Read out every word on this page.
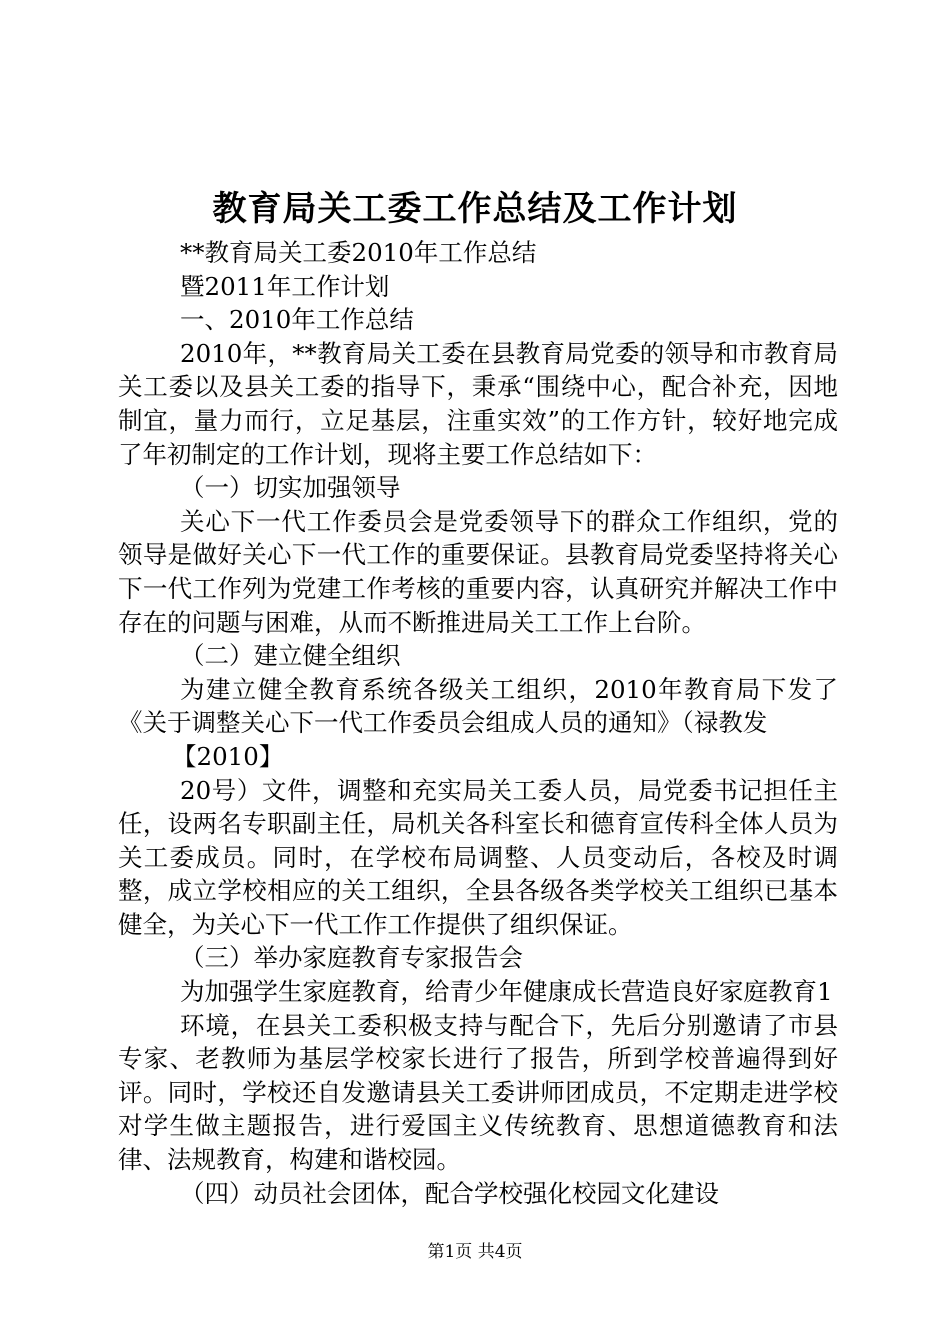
教育局关工委工作总结及工作计划

**教育局关工委2010年工作总结

暨2011年工作计划

一、2010年工作总结

2010年，**教育局关工委在县教育局党委的领导和市教育局关工委以及县关工委的指导下，秉承“围绕中心，配合补充，因地制宜，量力而行，立足基层，注重实效”的工作方针，较好地完成了年初制定的工作计划，现将主要工作总结如下：

（一）切实加强领导

关心下一代工作委员会是党委领导下的群众工作组织，党的领导是做好关心下一代工作的重要保证。县教育局党委坚持将关心下一代工作列为党建工作考核的重要内容，认真研究并解决工作中存在的问题与困难，从而不断推进局关工工作上台阶。

（二）建立健全组织

为建立健全教育系统各级关工组织，2010年教育局下发了《关于调整关心下一代工作委员会组成人员的通知》（禄教发

【2010】

20号）文件，调整和充实局关工委人员，局党委书记担任主任，设两名专职副主任，局机关各科室长和德育宣传科全体人员为关工委成员。同时，在学校布局调整、人员变动后，各校及时调整，成立学校相应的关工组织，全县各级各类学校关工组织已基本健全，为关心下一代工作工作提供了组织保证。

（三）举办家庭教育专家报告会

为加强学生家庭教育，给青少年健康成长营造良好家庭教育1

环境，在县关工委积极支持与配合下，先后分别邀请了市县专家、老教师为基层学校家长进行了报告，所到学校普遍得到好评。同时，学校还自发邀请县关工委讲师团成员，不定期走进学校对学生做主题报告，进行爱国主义传统教育、思想道德教育和法律、法规教育，构建和谐校园。

（四）动员社会团体，配合学校强化校园文化建设

第1页 共4页
